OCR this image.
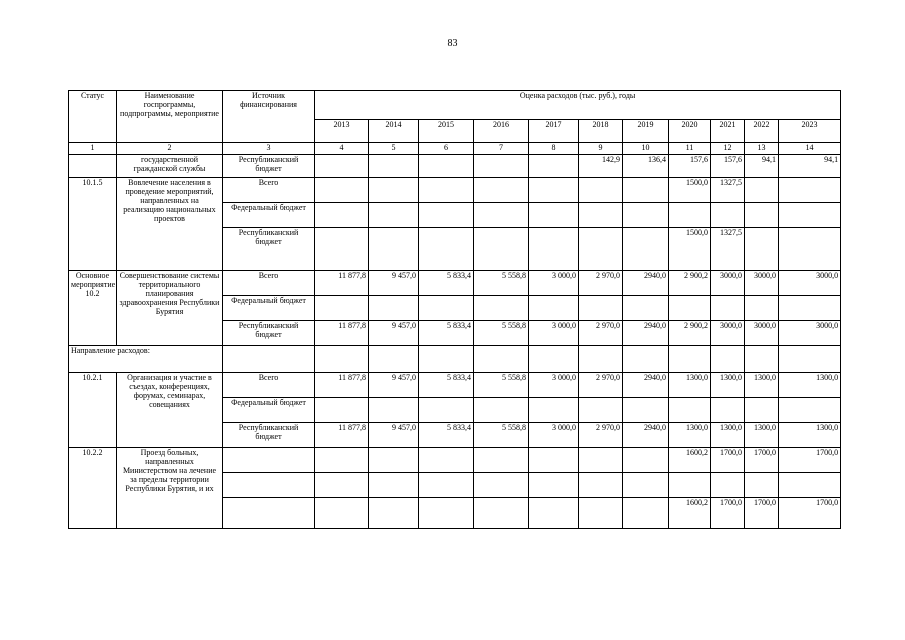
83
Статус	Наименование госпрограммы, подпрограммы, мероприятие	Источник финансирования	Оценка расходов (тыс. руб.), годы										
			2013	2014	2015	2016	2017	2018	2019	2020	2021	2022	2023
1	2	3	4	5	6	7	8	9	10	11	12	13	14
	государственной гражданской службы	Республиканский бюджет						142,9	136,4	157,6	157,6	94,1	94,1
10.1.5	Вовлечение населения в проведение мероприятий, направленных на реализацию национальных проектов	Всего								1500,0	1327,5		
		Федеральный бюджет											
		Республиканский бюджет								1500,0	1327,5		
Основное мероприятие 10.2	Совершенствование системы территориального планирования здравоохранения Республики Бурятия	Всего	11 877,8	9 457,0	5 833,4	5 558,8	3 000,0	2 970,0	2940,0	2 900,2	3000,0	3000,0	3000,0
		Федеральный бюджет											
		Республиканский бюджет	11 877,8	9 457,0	5 833,4	5 558,8	3 000,0	2 970,0	2940,0	2 900,2	3000,0	3000,0	3000,0
Направление расходов:													
10.2.1	Организация и участие в съездах, конференциях, форумах, семинарах, совещаниях	Всего	11 877,8	9 457,0	5 833,4	5 558,8	3 000,0	2 970,0	2940,0	1300,0	1300,0	1300,0	1300,0
		Федеральный бюджет											
		Республиканский бюджет	11 877,8	9 457,0	5 833,4	5 558,8	3 000,0	2 970,0	2940,0	1300,0	1300,0	1300,0	1300,0
10.2.2	Проезд больных, направленных Министерством на лечение за пределы территории Республики Бурятия, и их									1600,2	1700,0	1700,0	1700,0

										1600,2	1700,0	1700,0	1700,0
